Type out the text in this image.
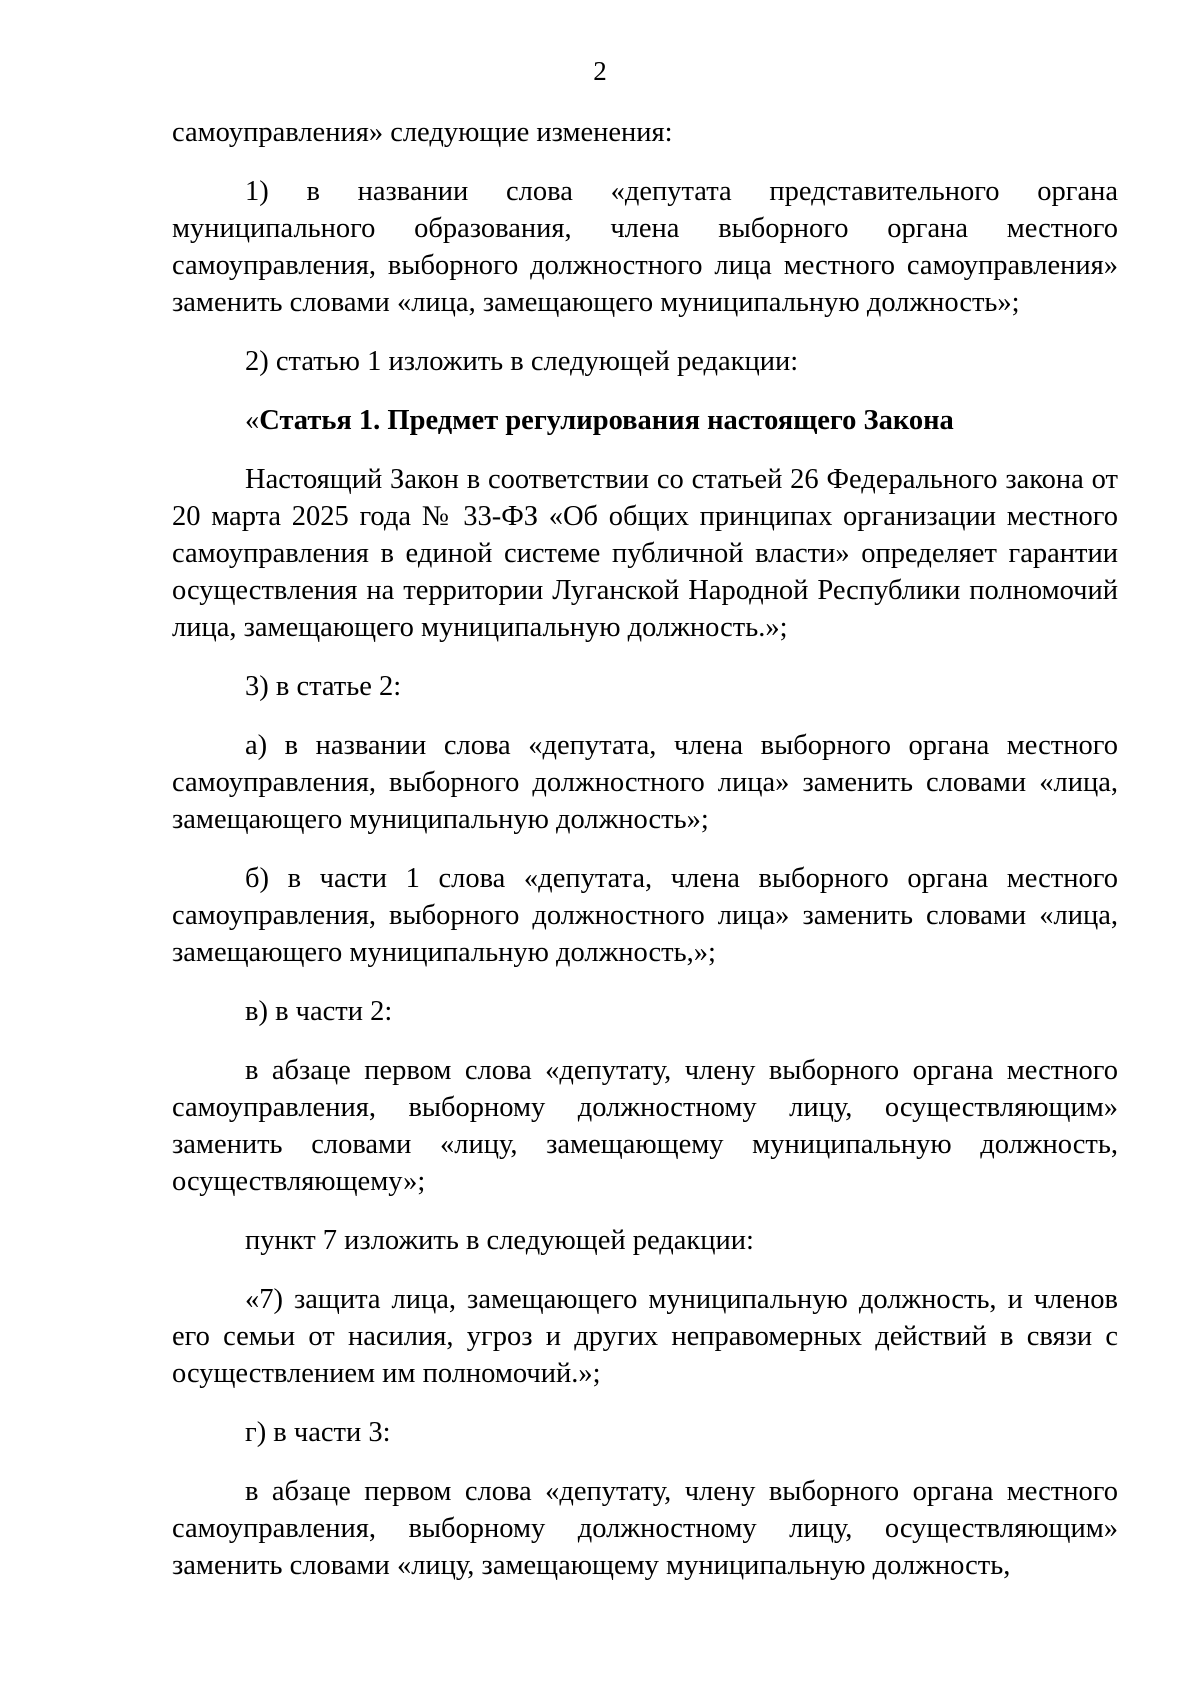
2

самоуправления» следующие изменения:

1) в названии слова «депутата представительного органа муниципального образования, члена выборного органа местного самоуправления, выборного должностного лица местного самоуправления» заменить словами «лица, замещающего муниципальную должность»;

2) статью 1 изложить в следующей редакции:

«Статья 1. Предмет регулирования настоящего Закона

Настоящий Закон в соответствии со статьей 26 Федерального закона от 20 марта 2025 года № 33-ФЗ «Об общих принципах организации местного самоуправления в единой системе публичной власти» определяет гарантии осуществления на территории Луганской Народной Республики полномочий лица, замещающего муниципальную должность.»;

3) в статье 2:

а) в названии слова «депутата, члена выборного органа местного самоуправления, выборного должностного лица» заменить словами «лица, замещающего муниципальную должность»;

б) в части 1 слова «депутата, члена выборного органа местного самоуправления, выборного должностного лица» заменить словами «лица, замещающего муниципальную должность,»;

в) в части 2:

в абзаце первом слова «депутату, члену выборного органа местного самоуправления, выборному должностному лицу, осуществляющим» заменить словами «лицу, замещающему муниципальную должность, осуществляющему»;

пункт 7 изложить в следующей редакции:

«7) защита лица, замещающего муниципальную должность, и членов его семьи от насилия, угроз и других неправомерных действий в связи с осуществлением им полномочий.»;

г) в части 3:

в абзаце первом слова «депутату, члену выборного органа местного самоуправления, выборному должностному лицу, осуществляющим» заменить словами «лицу, замещающему муниципальную должность,
